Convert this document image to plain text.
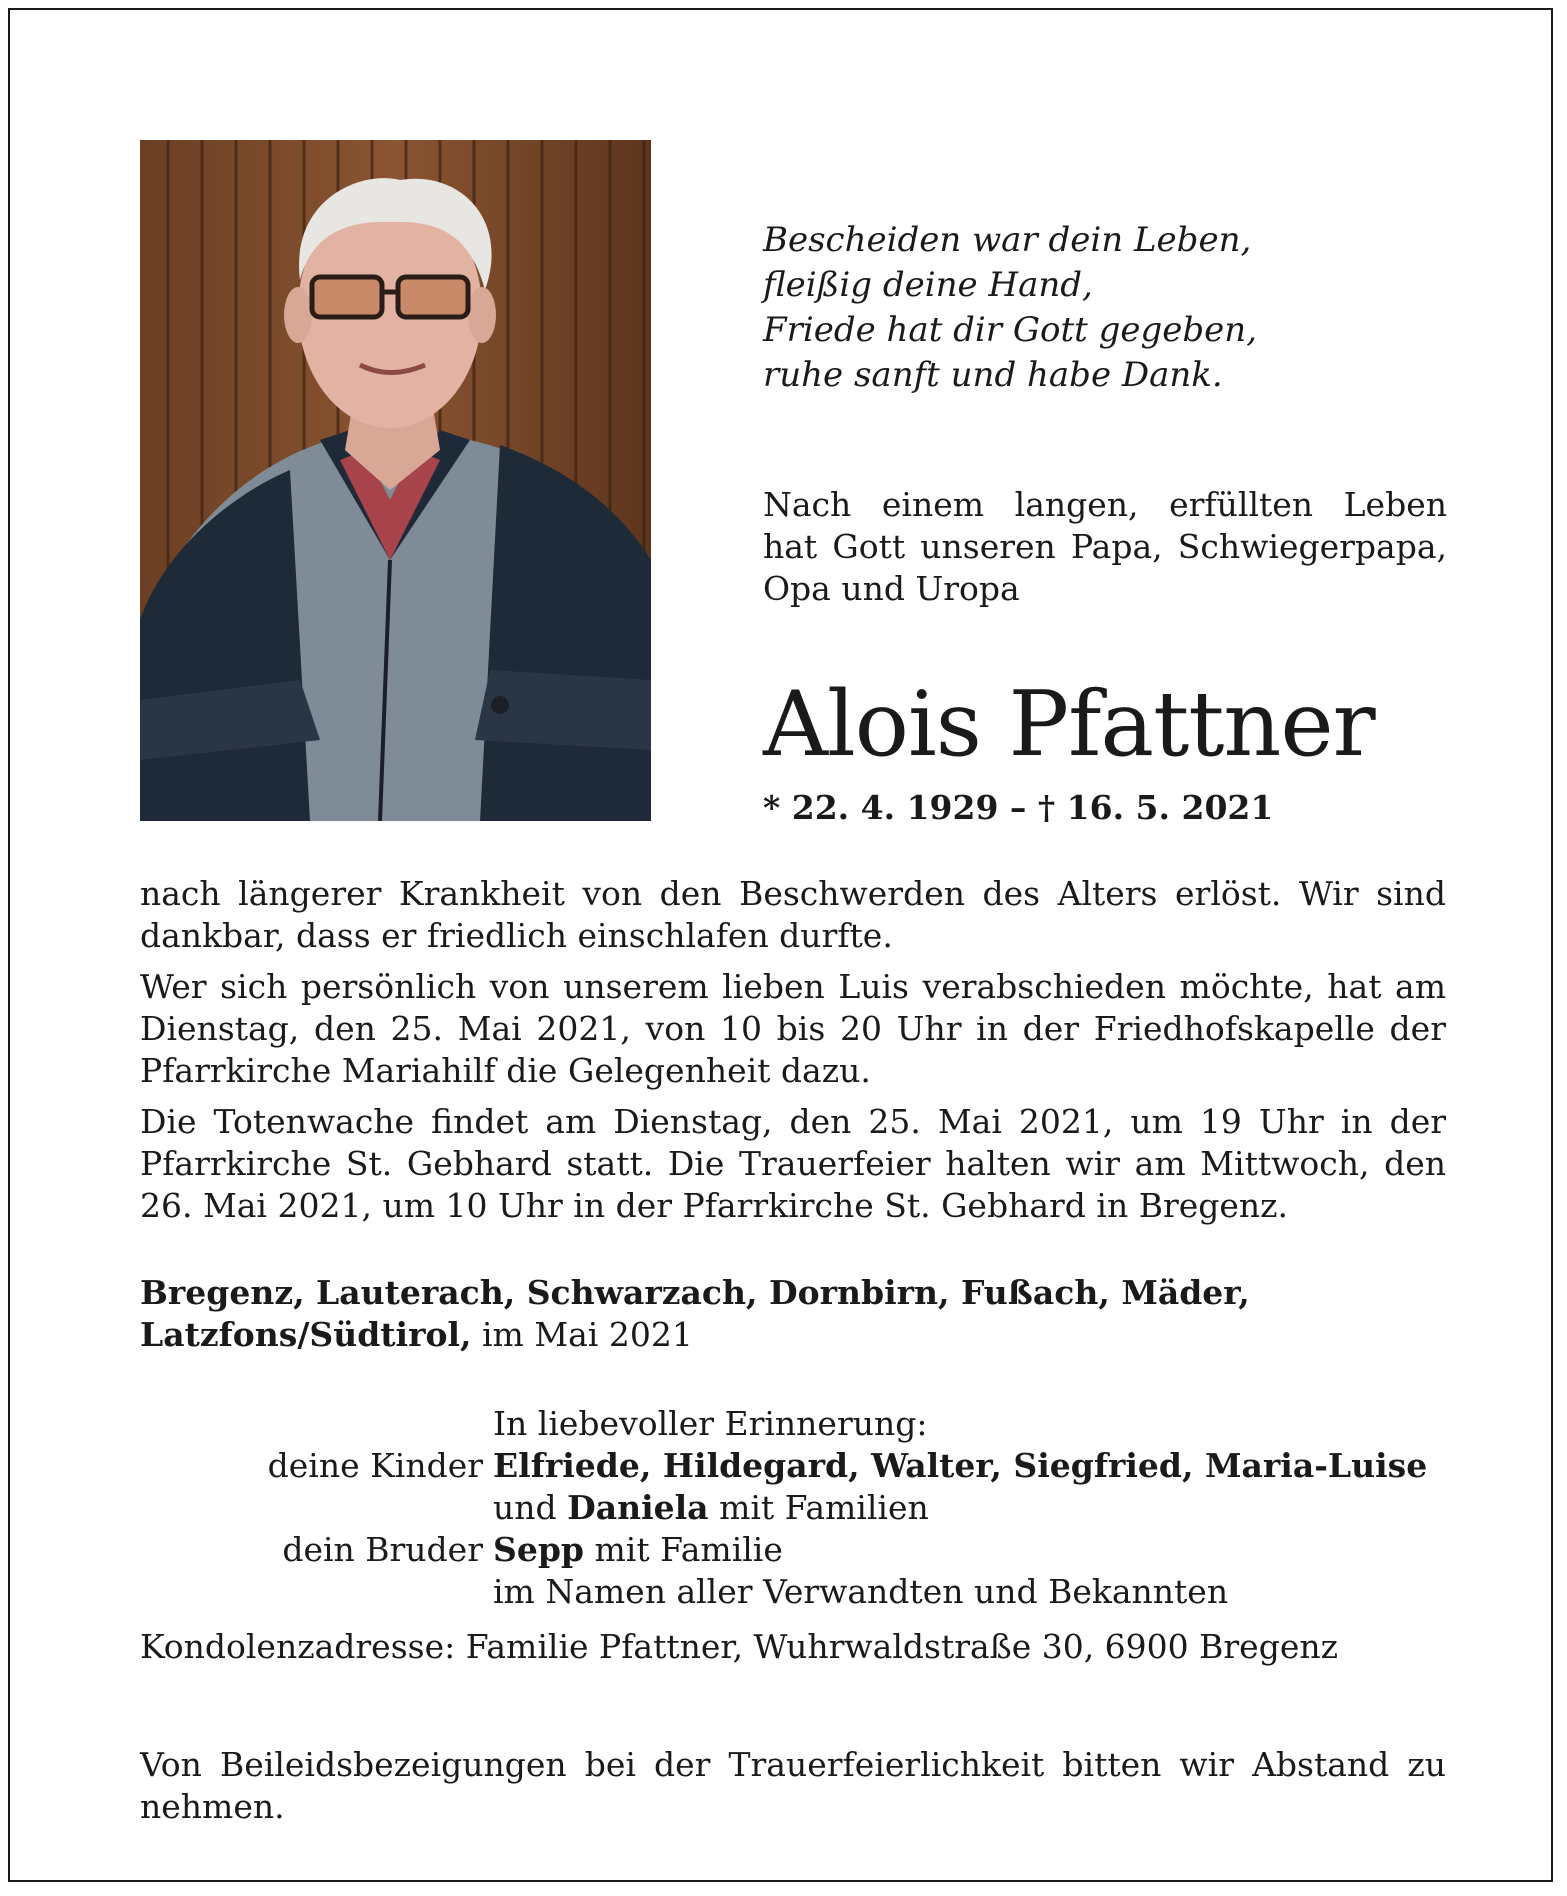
Bescheiden war dein Leben,
fleißig deine Hand,
Friede hat dir Gott gegeben,
ruhe sanft und habe Dank.
Nach einem langen, erfüllten Leben
hat Gott unseren Papa, Schwiegerpapa,
Opa und Uropa
Alois Pfattner
* 22. 4. 1929 – † 16. 5. 2021

nach längerer Krankheit von den Beschwerden des Alters erlöst. Wir sind
dankbar, dass er friedlich einschlafen durfte.

Wer sich persönlich von unserem lieben Luis verabschieden möchte, hat am
Dienstag, den 25. Mai 2021, von 10 bis 20 Uhr in der Friedhofskapelle der
Pfarrkirche Mariahilf die Gelegenheit dazu.

Die Totenwache findet am Dienstag, den 25. Mai 2021, um 19 Uhr in der
Pfarrkirche St. Gebhard statt. Die Trauerfeier halten wir am Mittwoch, den
26. Mai 2021, um 10 Uhr in der Pfarrkirche St. Gebhard in Bregenz.

Bregenz, Lauterach, Schwarzach, Dornbirn, Fußach, Mäder,
Latzfons/Südtirol, im Mai 2021
In liebevoller Erinnerung:
deine Kinder Elfriede, Hildegard, Walter, Siegfried, Maria-Luise
und Daniela mit Familien
dein Bruder Sepp mit Familie
im Namen aller Verwandten und Bekannten
Kondolenzadresse: Familie Pfattner, Wuhrwaldstraße 30, 6900 Bregenz
Von Beileidsbezeigungen bei der Trauerfeierlichkeit bitten wir Abstand zu
nehmen.
